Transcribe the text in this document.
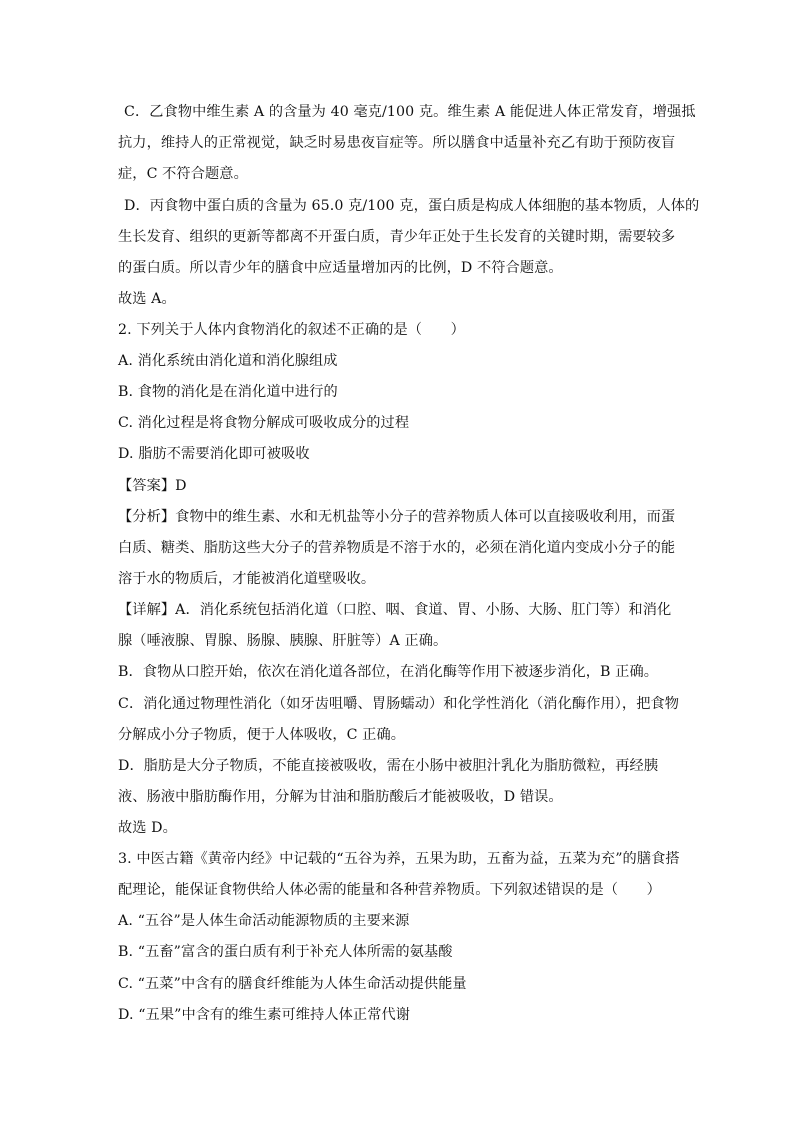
C．乙食物中维生素 A 的含量为 40 毫克/100 克。维生素 A 能促进人体正常发育，增强抵
抗力，维持人的正常视觉，缺乏时易患夜盲症等。所以膳食中适量补充乙有助于预防夜盲
症，C 不符合题意。
D．丙食物中蛋白质的含量为 65.0 克/100 克，蛋白质是构成人体细胞的基本物质，人体的
生长发育、组织的更新等都离不开蛋白质，青少年正处于生长发育的关键时期，需要较多
的蛋白质。所以青少年的膳食中应适量增加丙的比例，D 不符合题意。
故选 A。
2. 下列关于人体内食物消化的叙述不正确的是（　　）
A. 消化系统由消化道和消化腺组成
B. 食物的消化是在消化道中进行的
C. 消化过程是将食物分解成可吸收成分的过程
D. 脂肪不需要消化即可被吸收
【答案】D
【分析】食物中的维生素、水和无机盐等小分子的营养物质人体可以直接吸收利用，而蛋
白质、糖类、脂肪这些大分子的营养物质是不溶于水的，必须在消化道内变成小分子的能
溶于水的物质后，才能被消化道壁吸收。
【详解】A．消化系统包括消化道（口腔、咽、食道、胃、小肠、大肠、肛门等）和消化
腺（唾液腺、胃腺、肠腺、胰腺、肝脏等）A 正确。
B．食物从口腔开始，依次在消化道各部位，在消化酶等作用下被逐步消化，B 正确。
C．消化通过物理性消化（如牙齿咀嚼、胃肠蠕动）和化学性消化（消化酶作用），把食物
分解成小分子物质，便于人体吸收，C 正确。
D．脂肪是大分子物质，不能直接被吸收，需在小肠中被胆汁乳化为脂肪微粒，再经胰
液、肠液中脂肪酶作用，分解为甘油和脂肪酸后才能被吸收，D 错误。
故选 D。
3. 中医古籍《黄帝内经》中记载的“五谷为养，五果为助，五畜为益，五菜为充”的膳食搭
配理论，能保证食物供给人体必需的能量和各种营养物质。下列叙述错误的是（　　）
A. “五谷”是人体生命活动能源物质的主要来源
B. “五畜”富含的蛋白质有利于补充人体所需的氨基酸
C. “五菜”中含有的膳食纤维能为人体生命活动提供能量
D. “五果”中含有的维生素可维持人体正常代谢
